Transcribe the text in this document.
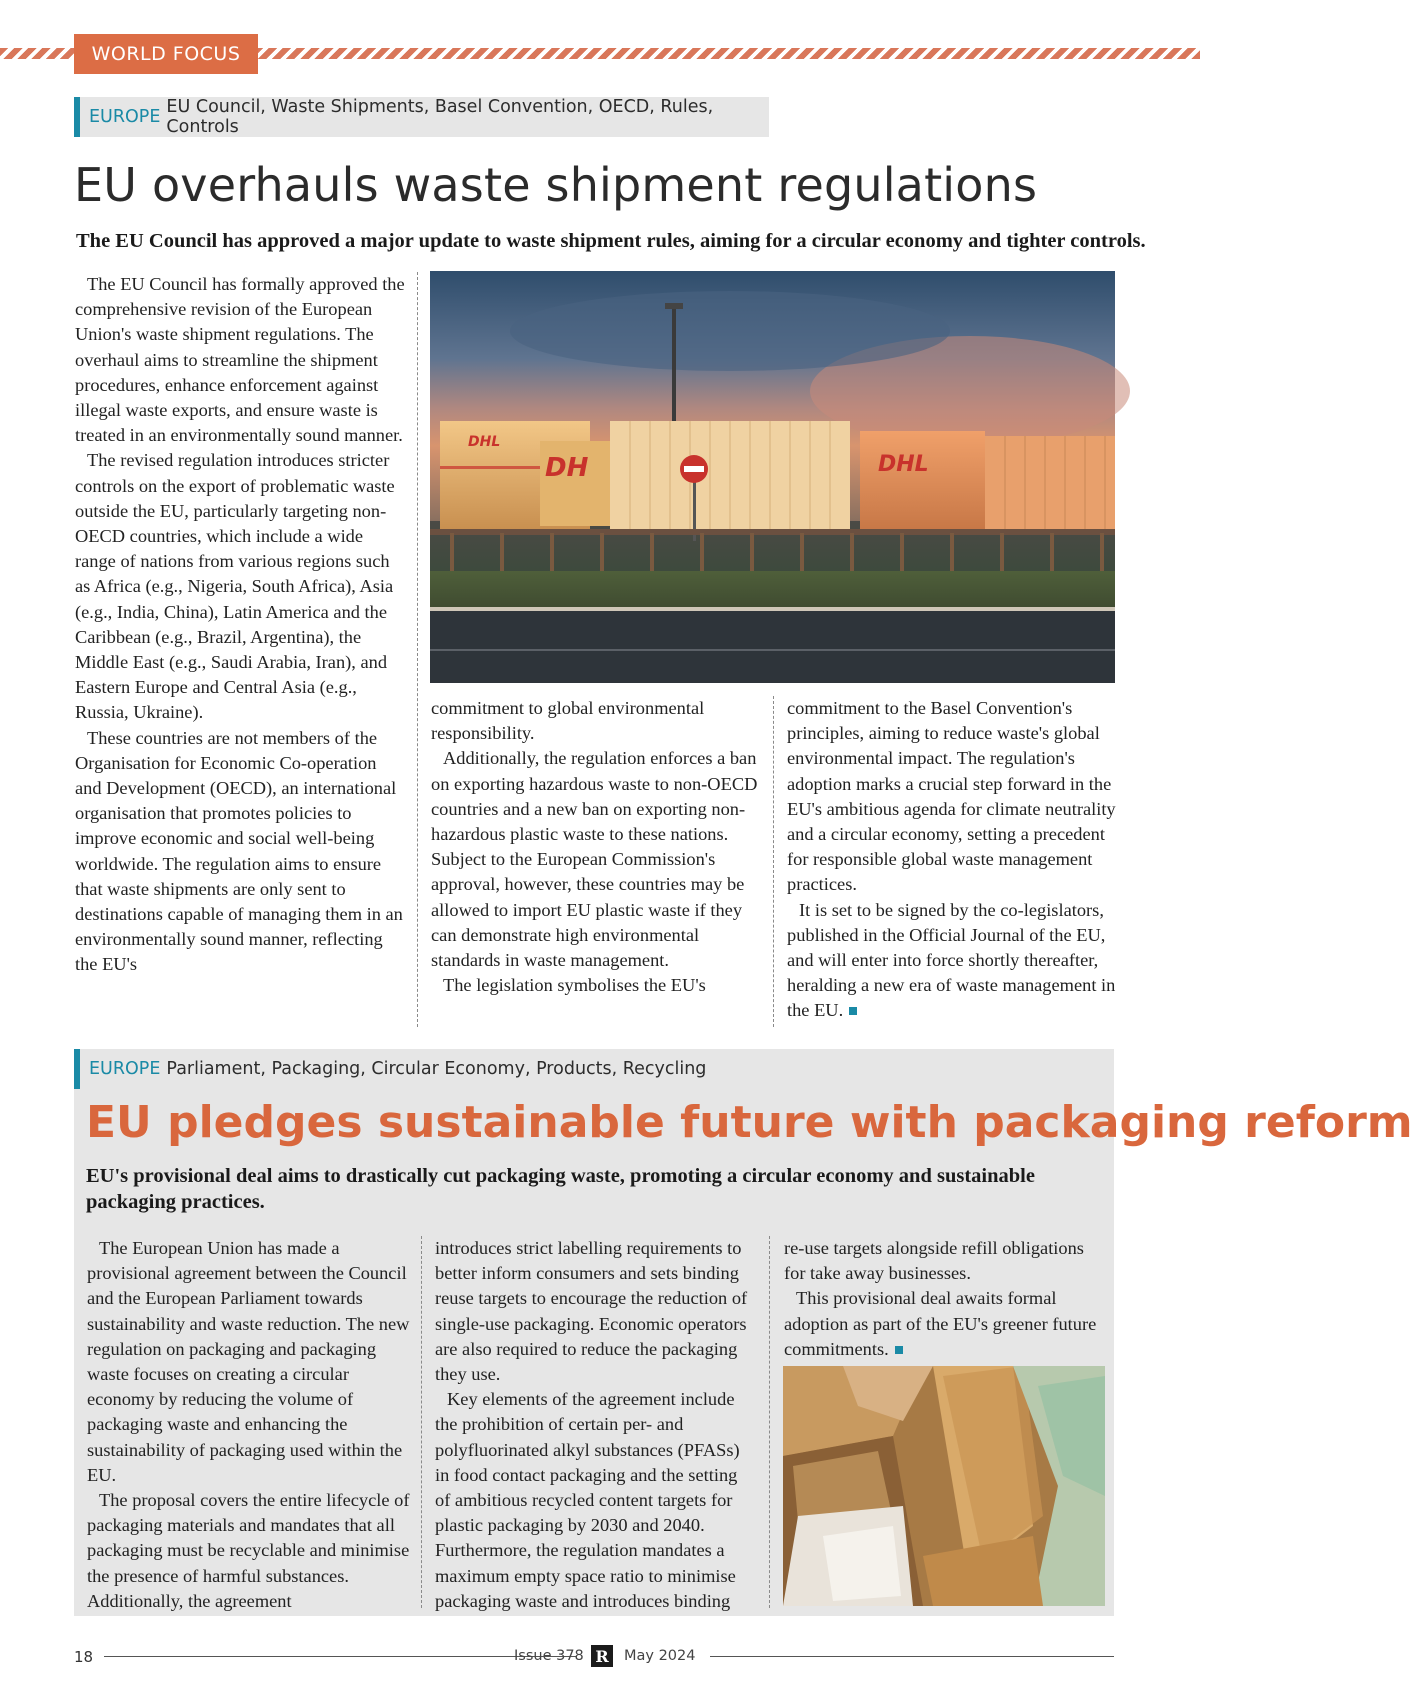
WORLD FOCUS
EUROPE EU Council, Waste Shipments, Basel Convention, OECD, Rules, Controls
EU overhauls waste shipment regulations
The EU Council has approved a major update to waste shipment rules, aiming for a circular economy and tighter controls.

The EU Council has formally approved the comprehensive revision of the European Union's waste shipment regulations. The overhaul aims to streamline the shipment procedures, enhance enforcement against illegal waste exports, and ensure waste is treated in an environmentally sound manner.

The revised regulation introduces stricter controls on the export of problematic waste outside the EU, particularly targeting non-OECD countries, which include a wide range of nations from various regions such as Africa (e.g., Nigeria, South Africa), Asia (e.g., India, China), Latin America and the Caribbean (e.g., Brazil, Argentina), the Middle East (e.g., Saudi Arabia, Iran), and Eastern Europe and Central Asia (e.g., Russia, Ukraine).

These countries are not members of the Organisation for Economic Co-operation and Development (OECD), an international organisation that promotes policies to improve economic and social well-being worldwide. The regulation aims to ensure that waste shipments are only sent to destinations capable of managing them in an environmentally sound manner, reflecting the EU's

DHL
DH	DHL

commitment to global environmental responsibility.

Additionally, the regulation enforces a ban on exporting hazardous waste to non-OECD countries and a new ban on exporting non-hazardous plastic waste to these nations. Subject to the European Commission's approval, however, these countries may be allowed to import EU plastic waste if they can demonstrate high environmental standards in waste management.

The legislation symbolises the EU's

commitment to the Basel Convention's principles, aiming to reduce waste's global environmental impact. The regulation's adoption marks a crucial step forward in the EU's ambitious agenda for climate neutrality and a circular economy, setting a precedent for responsible global waste management practices.

It is set to be signed by the co-legislators, published in the Official Journal of the EU, and will enter into force shortly thereafter, heralding a new era of waste management in the EU.

EUROPE Parliament, Packaging, Circular Economy, Products, Recycling
EU pledges sustainable future with packaging reform
EU's provisional deal aims to drastically cut packaging waste, promoting a circular economy and sustainable packaging practices.

The European Union has made a provisional agreement between the Council and the European Parliament towards sustainability and waste reduction. The new regulation on packaging and packaging waste focuses on creating a circular economy by reducing the volume of packaging waste and enhancing the sustainability of packaging used within the EU.

The proposal covers the entire lifecycle of packaging materials and mandates that all packaging must be recyclable and minimise the presence of harmful substances. Additionally, the agreement

introduces strict labelling requirements to better inform consumers and sets binding reuse targets to encourage the reduction of single-use packaging. Economic operators are also required to reduce the packaging they use.

Key elements of the agreement include the prohibition of certain per- and polyfluorinated alkyl substances (PFASs) in food contact packaging and the setting of ambitious recycled content targets for plastic packaging by 2030 and 2040. Furthermore, the regulation mandates a maximum empty space ratio to minimise packaging waste and introduces binding

re-use targets alongside refill obligations for take away businesses.

This provisional deal awaits formal adoption as part of the EU's greener future commitments.

18	Issue 378 R	May 2024
